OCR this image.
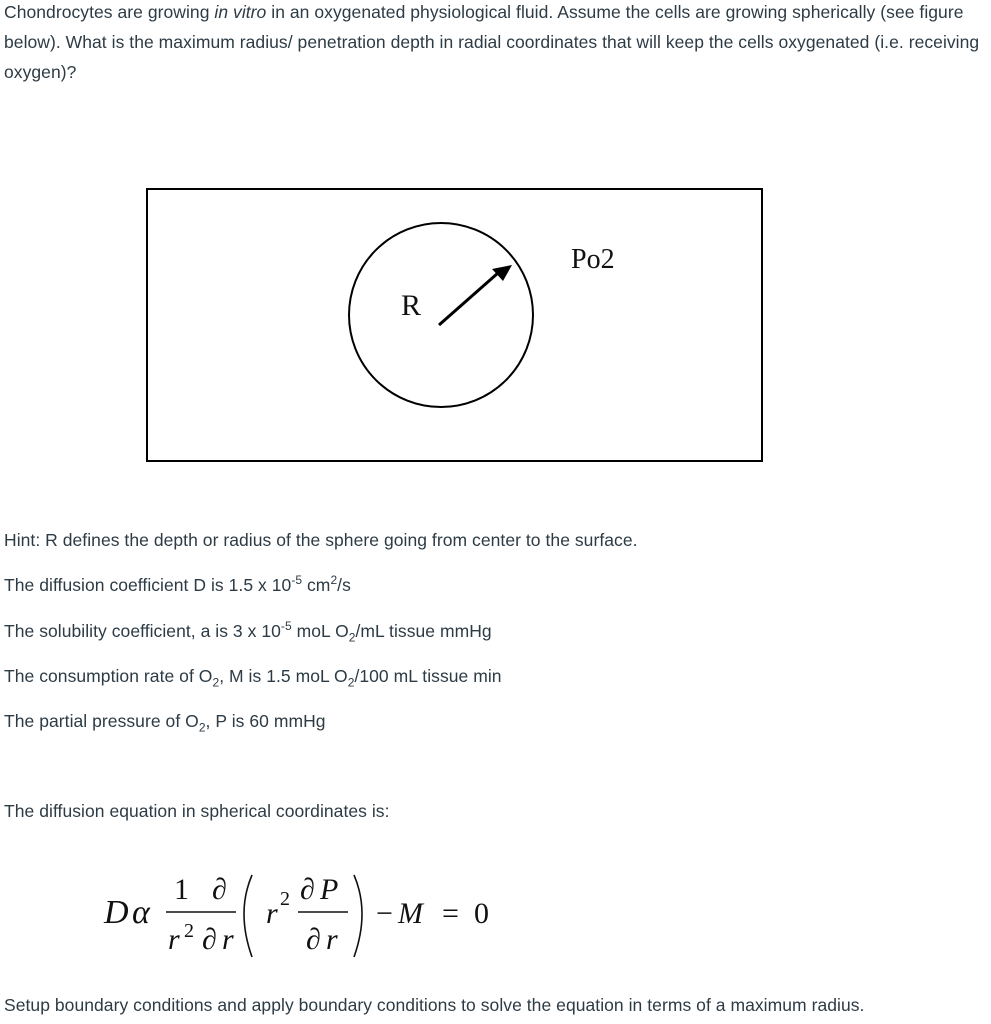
Chondrocytes are growing in vitro in an oxygenated physiological fluid. Assume the cells are growing spherically (see figure below). What is the maximum radius/ penetration depth in radial coordinates that will keep the cells oxygenated (i.e. receiving oxygen)?

R
Po2

Hint: R defines the depth or radius of the sphere going from center to the surface.

The diffusion coefficient D is 1.5 x $10^{-5}$ $cm^2/s$

The solubility coefficient, a is 3 x $10^{-5}$ moL $O_2/mL$ tissue mmHg

The consumption rate of $O_2$, M is 1.5 moL $O_2/100$ mL tissue min

The partial pressure of $O_2$, P is 60 mmHg

The diffusion equation in spherical coordinates is:

D α
1 ∂
r 2 ∂ r
r 2 ∂ P
∂ r
− M = 0

Setup boundary conditions and apply boundary conditions to solve the equation in terms of a maximum radius.
